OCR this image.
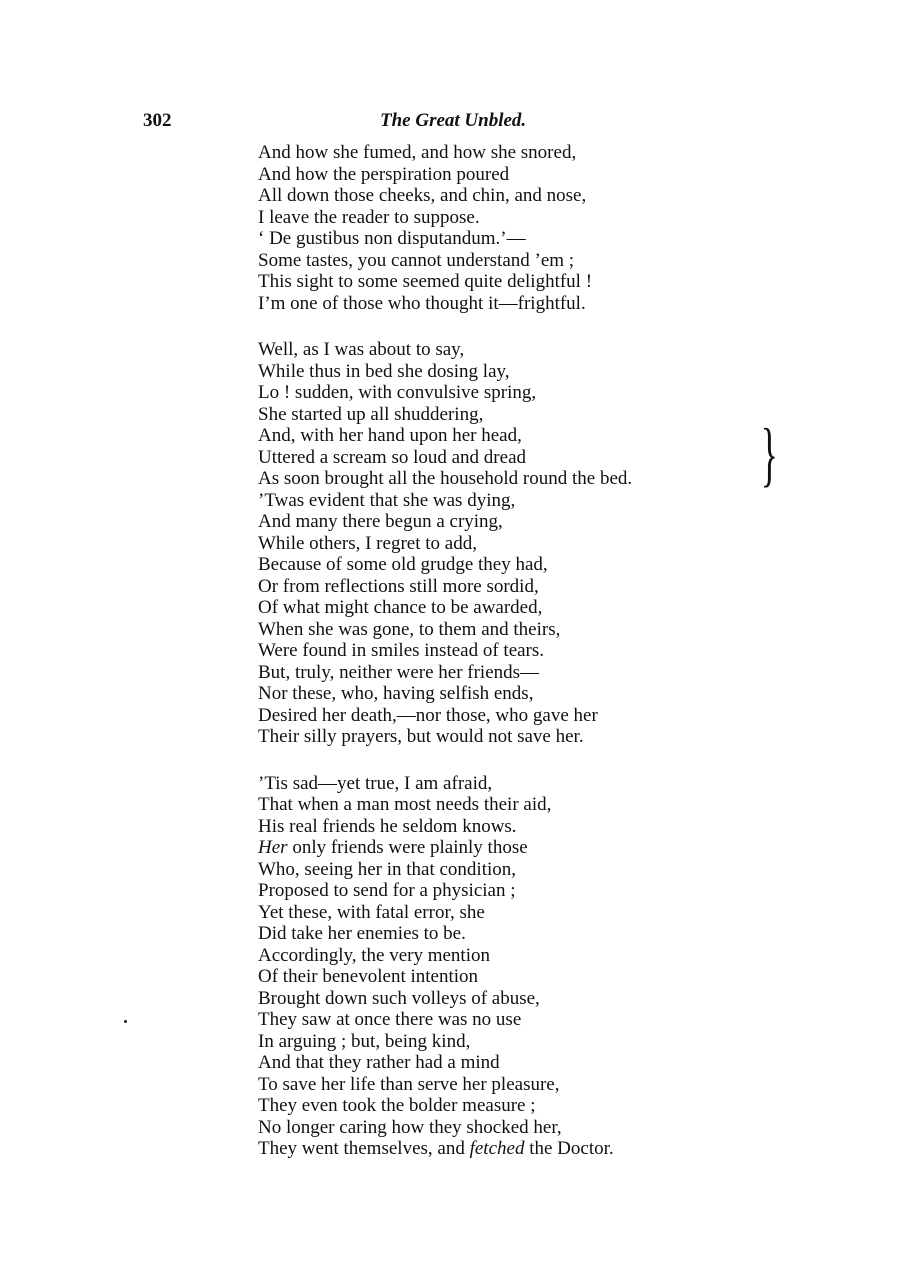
302	The Great Unbled.
And how she fumed, and how she snored,
And how the perspiration poured
All down those cheeks, and chin, and nose,
I leave the reader to suppose.
‘ De gustibus non disputandum.’—
Some tastes, you cannot understand ’em ;
This sight to some seemed quite delightful !
I’m one of those who thought it—frightful.
Well, as I was about to say,
While thus in bed she dosing lay,
Lo ! sudden, with convulsive spring,
She started up all shuddering,
And, with her hand upon her head,
Uttered a scream so loud and dread
As soon brought all the household round the bed.
’Twas evident that she was dying,
And many there begun a crying,
While others, I regret to add,
Because of some old grudge they had,
Or from reflections still more sordid,
Of what might chance to be awarded,
When she was gone, to them and theirs,
Were found in smiles instead of tears.
But, truly, neither were her friends—
Nor these, who, having selfish ends,
Desired her death,—nor those, who gave her
Their silly prayers, but would not save her.
’Tis sad—yet true, I am afraid,
That when a man most needs their aid,
His real friends he seldom knows.
Her only friends were plainly those
Who, seeing her in that condition,
Proposed to send for a physician ;
Yet these, with fatal error, she
Did take her enemies to be.
Accordingly, the very mention
Of their benevolent intention
Brought down such volleys of abuse,
They saw at once there was no use
In arguing ; but, being kind,
And that they rather had a mind
To save her life than serve her pleasure,
They even took the bolder measure ;
No longer caring how they shocked her,
They went themselves, and fetched the Doctor.
}
